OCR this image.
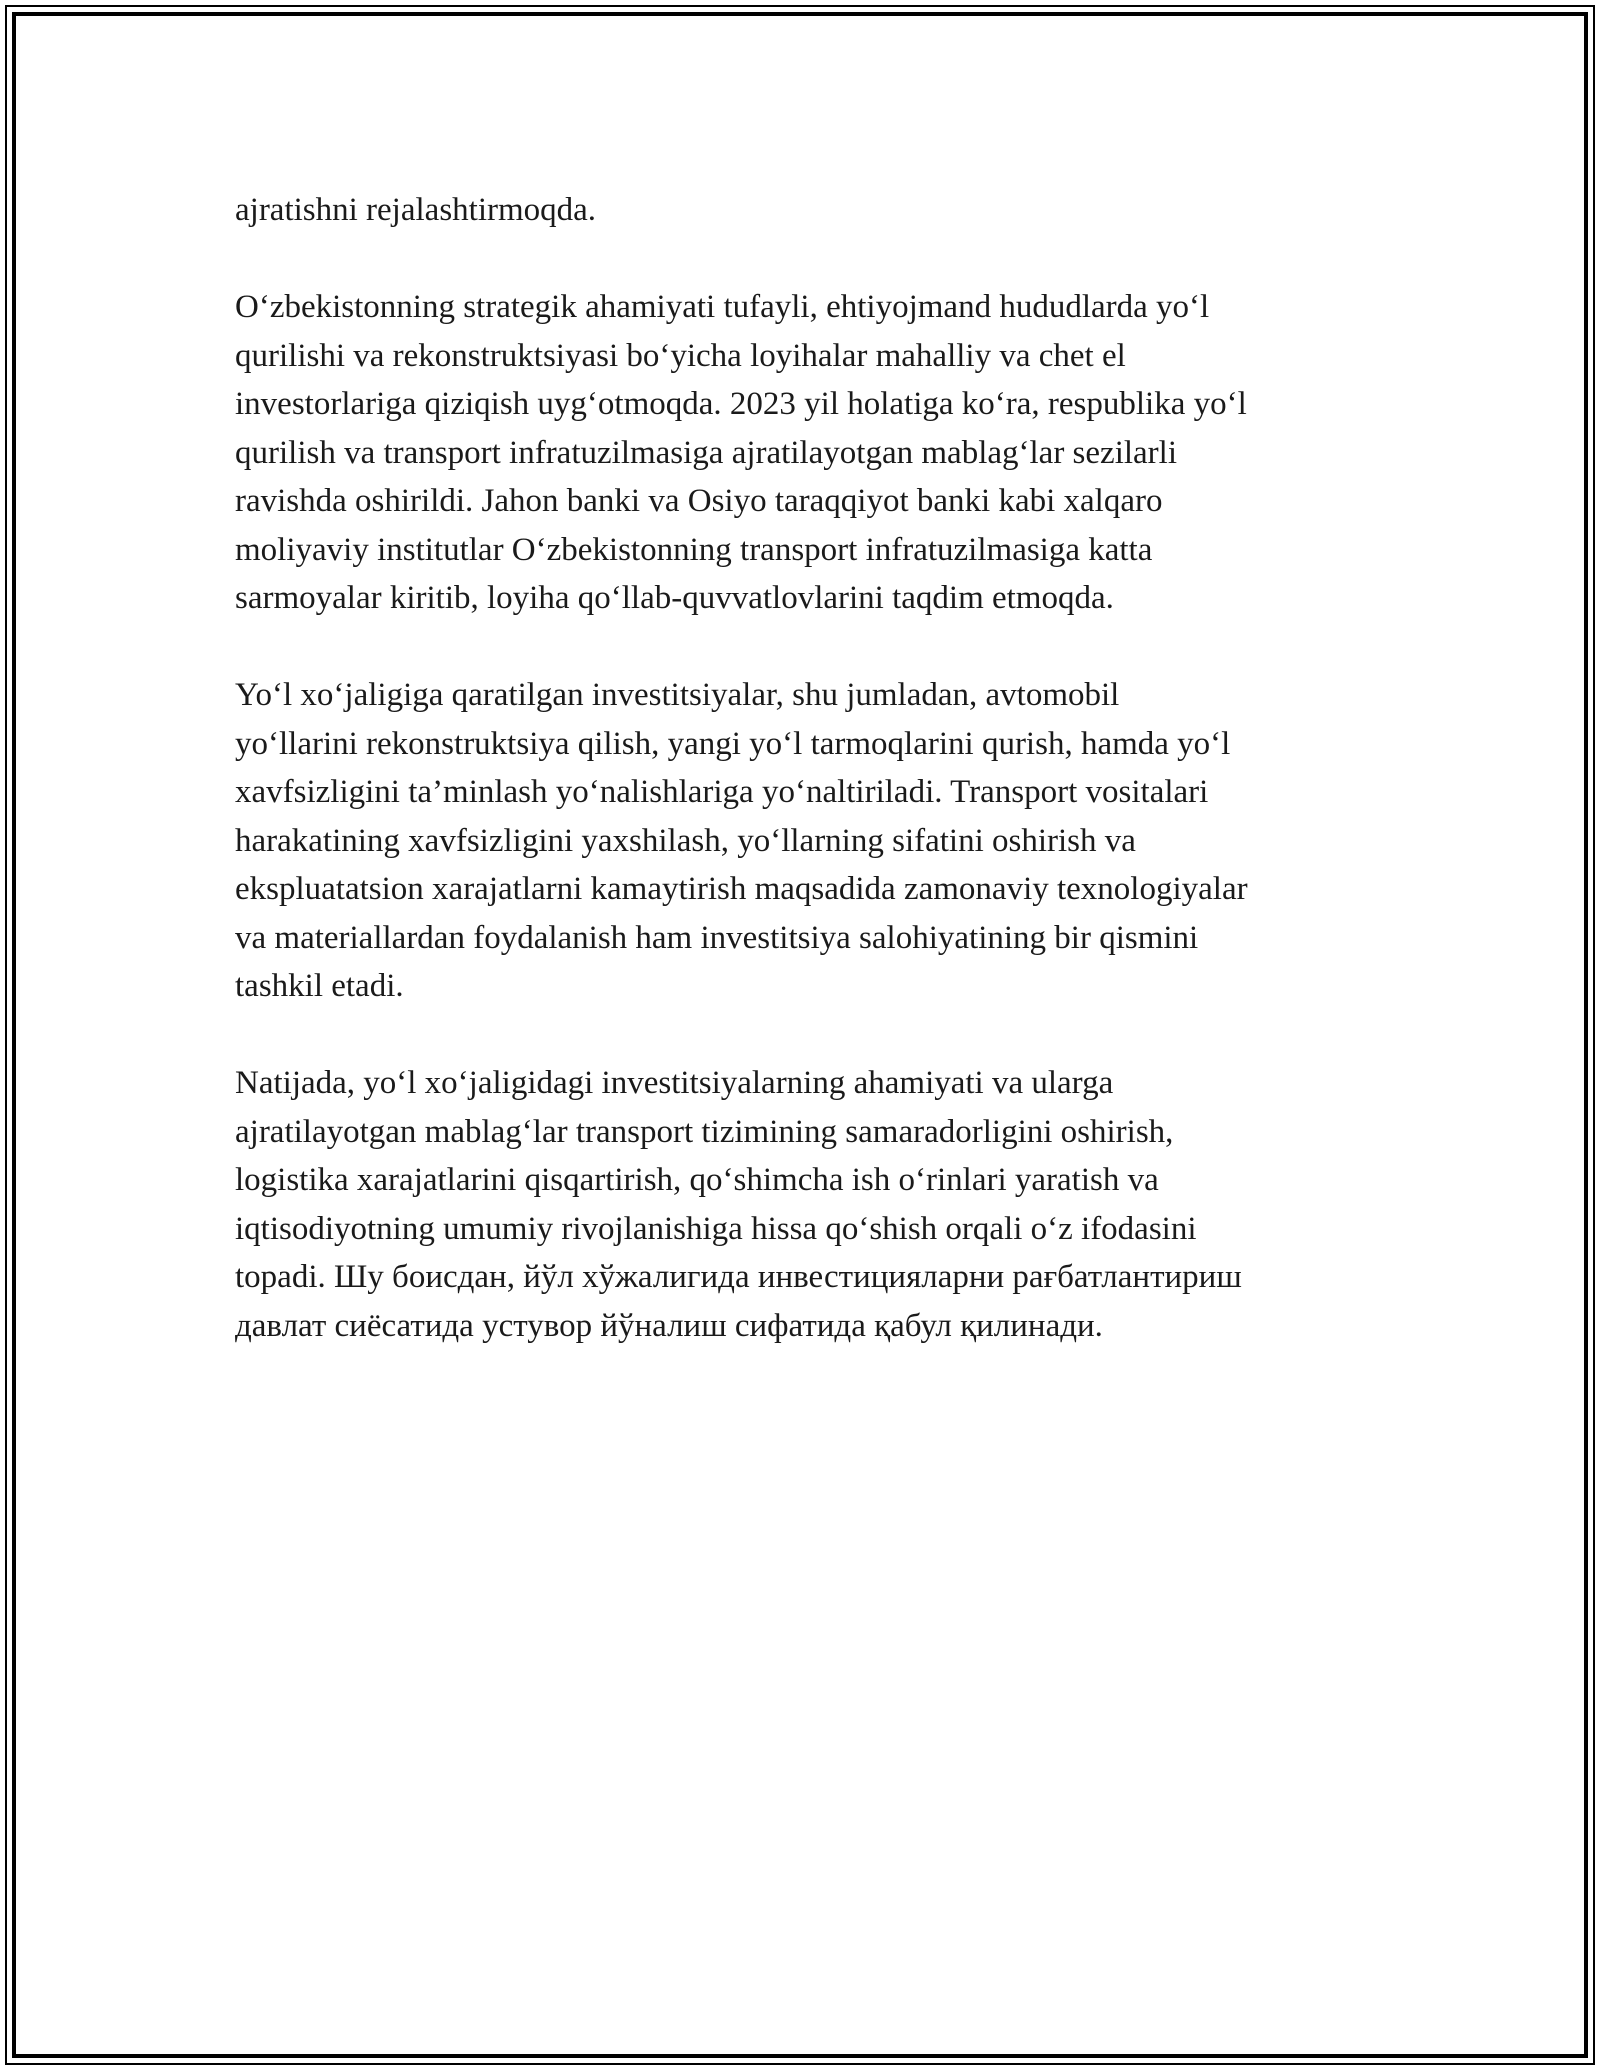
ajratishni rejalashtirmoqda.

O‘zbekistonning strategik ahamiyati tufayli, ehtiyojmand hududlarda yo‘l
qurilishi va rekonstruktsiyasi bo‘yicha loyihalar mahalliy va chet el
investorlariga qiziqish uyg‘otmoqda. 2023 yil holatiga ko‘ra, respublika yo‘l
qurilish va transport infratuzilmasiga ajratilayotgan mablag‘lar sezilarli
ravishda oshirildi. Jahon banki va Osiyo taraqqiyot banki kabi xalqaro
moliyaviy institutlar O‘zbekistonning transport infratuzilmasiga katta
sarmoyalar kiritib, loyiha qo‘llab-quvvatlovlarini taqdim etmoqda.

Yo‘l xo‘jaligiga qaratilgan investitsiyalar, shu jumladan, avtomobil
yo‘llarini rekonstruktsiya qilish, yangi yo‘l tarmoqlarini qurish, hamda yo‘l
xavfsizligini ta’minlash yo‘nalishlariga yo‘naltiriladi. Transport vositalari
harakatining xavfsizligini yaxshilash, yo‘llarning sifatini oshirish va
ekspluatatsion xarajatlarni kamaytirish maqsadida zamonaviy texnologiyalar
va materiallardan foydalanish ham investitsiya salohiyatining bir qismini
tashkil etadi.

Natijada, yo‘l xo‘jaligidagi investitsiyalarning ahamiyati va ularga
ajratilayotgan mablag‘lar transport tizimining samaradorligini oshirish,
logistika xarajatlarini qisqartirish, qo‘shimcha ish o‘rinlari yaratish va
iqtisodiyotning umumiy rivojlanishiga hissa qo‘shish orqali o‘z ifodasini
topadi. Шу боисдан, йўл хўжалигида инвестицияларни рағбатлантириш
давлат сиёсатида устувор йўналиш сифатида қабул қилинади.
